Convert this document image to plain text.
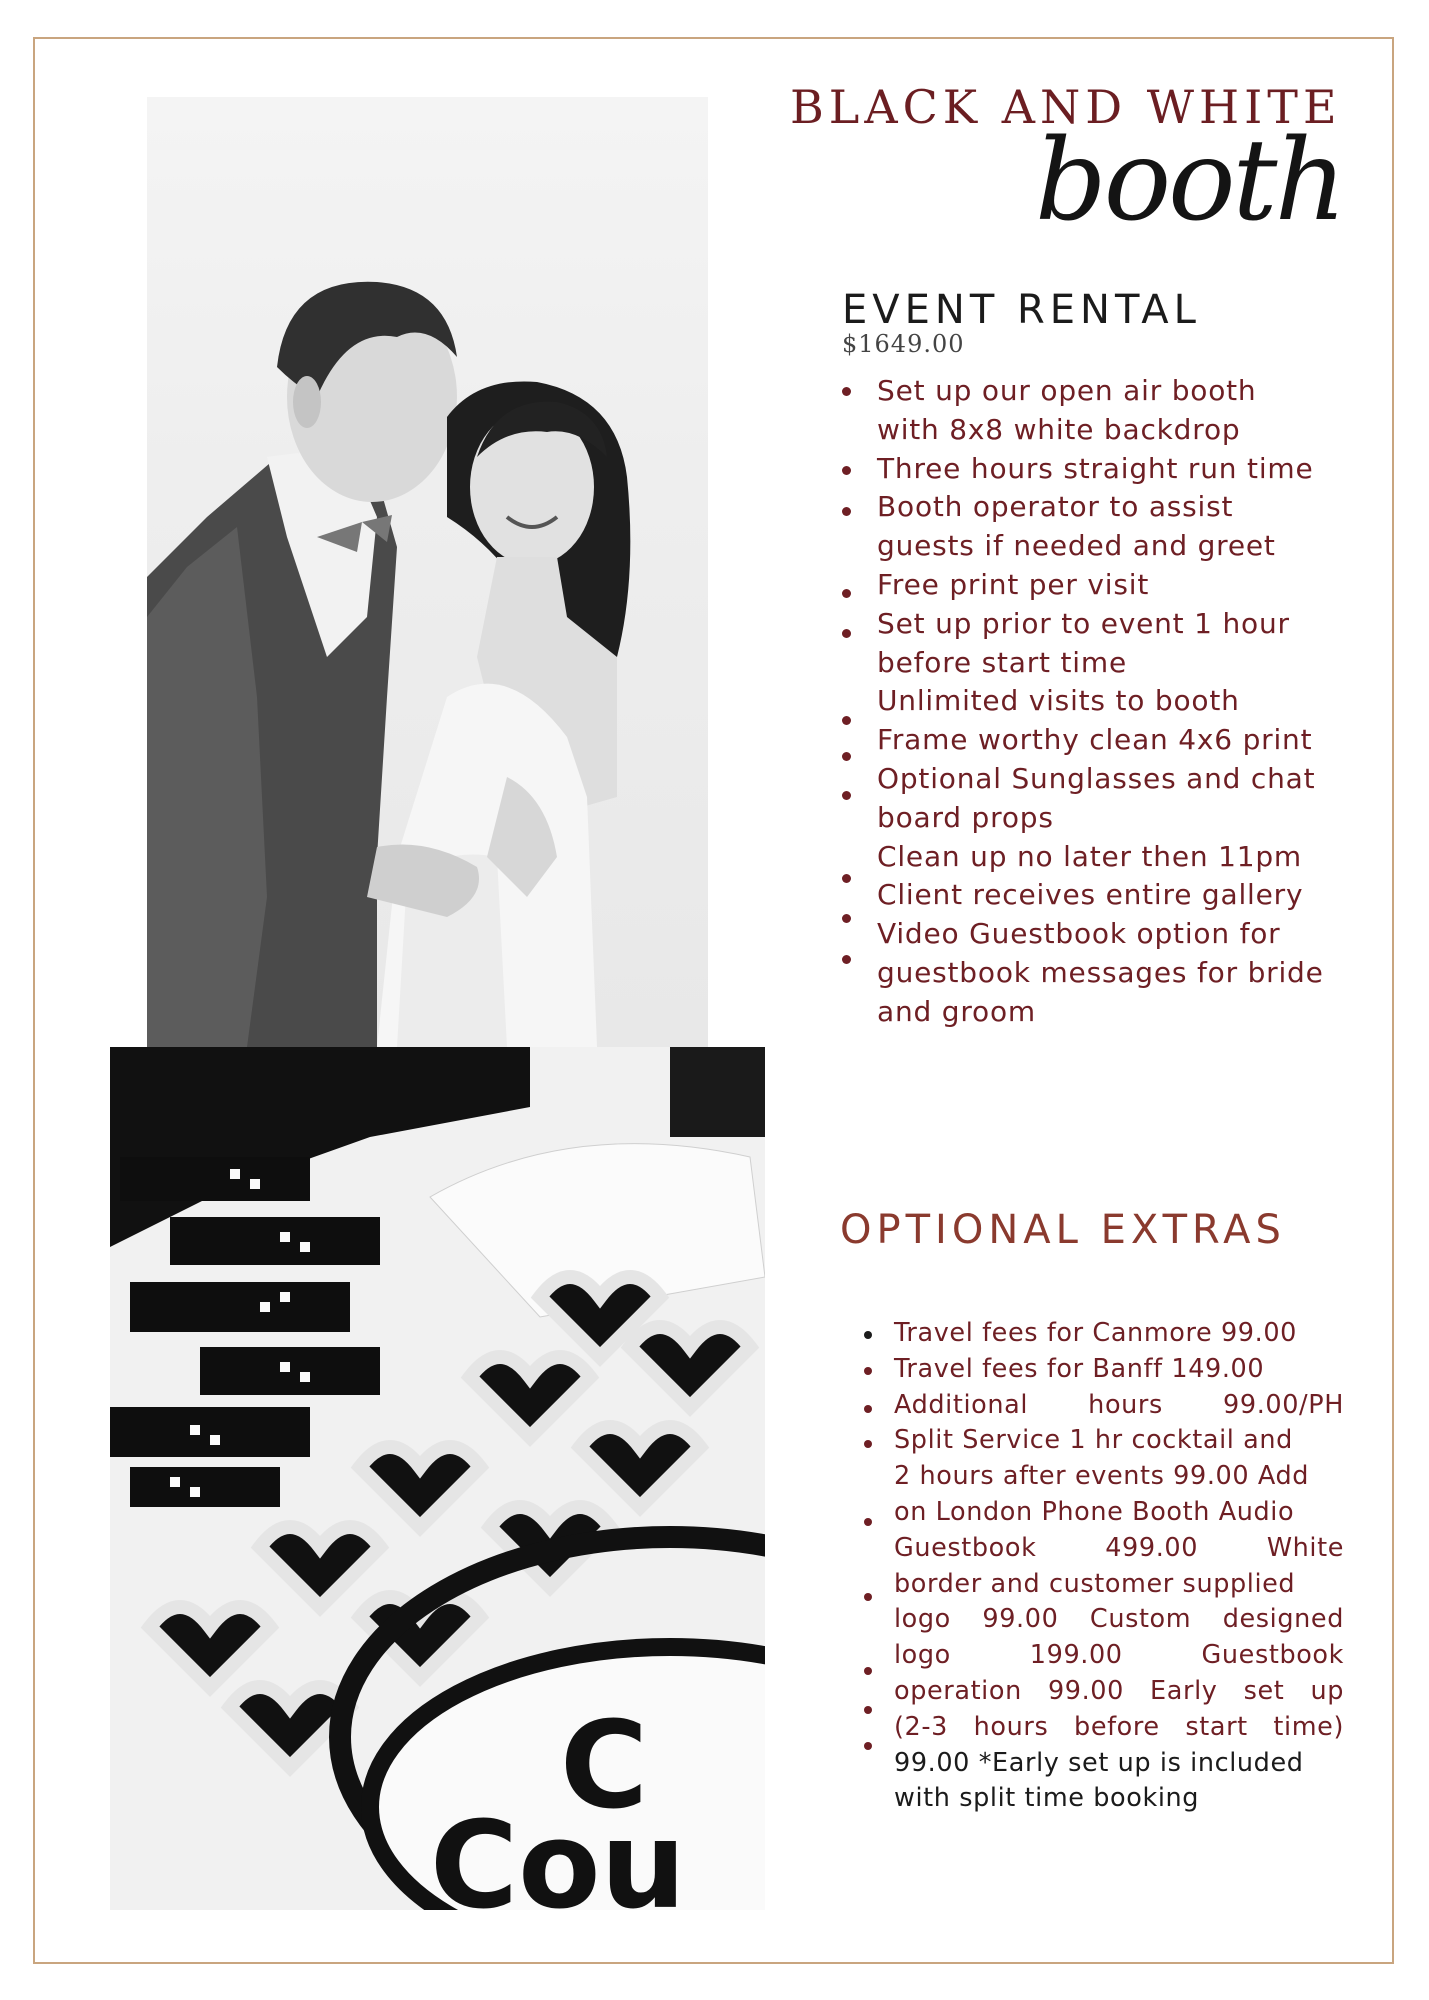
C
Cou
BLACK AND WHITE
booth
EVENT RENTAL
$1649.00
Set up our open air booth
with 8x8 white backdrop
Three hours straight run time
Booth operator to assist
guests if needed and greet
Free print per visit
Set up prior to event 1 hour
before start time
Unlimited visits to booth
Frame worthy clean 4x6 print
Optional Sunglasses and chat
board props
Clean up no later then 11pm
Client receives entire gallery
Video Guestbook option for
guestbook messages for bride
and groom
OPTIONAL EXTRAS
Travel fees for Canmore 99.00
Travel fees for Banff 149.00
Additional hours 99.00/PH
Split Service 1 hr cocktail and
2 hours after events 99.00 Add
on London Phone Booth Audio
Guestbook 499.00 White
border and customer supplied
logo 99.00 Custom designed
logo 199.00 Guestbook
operation 99.00 Early set up
(2-3 hours before start time)
99.00 *Early set up is included
with split time booking
